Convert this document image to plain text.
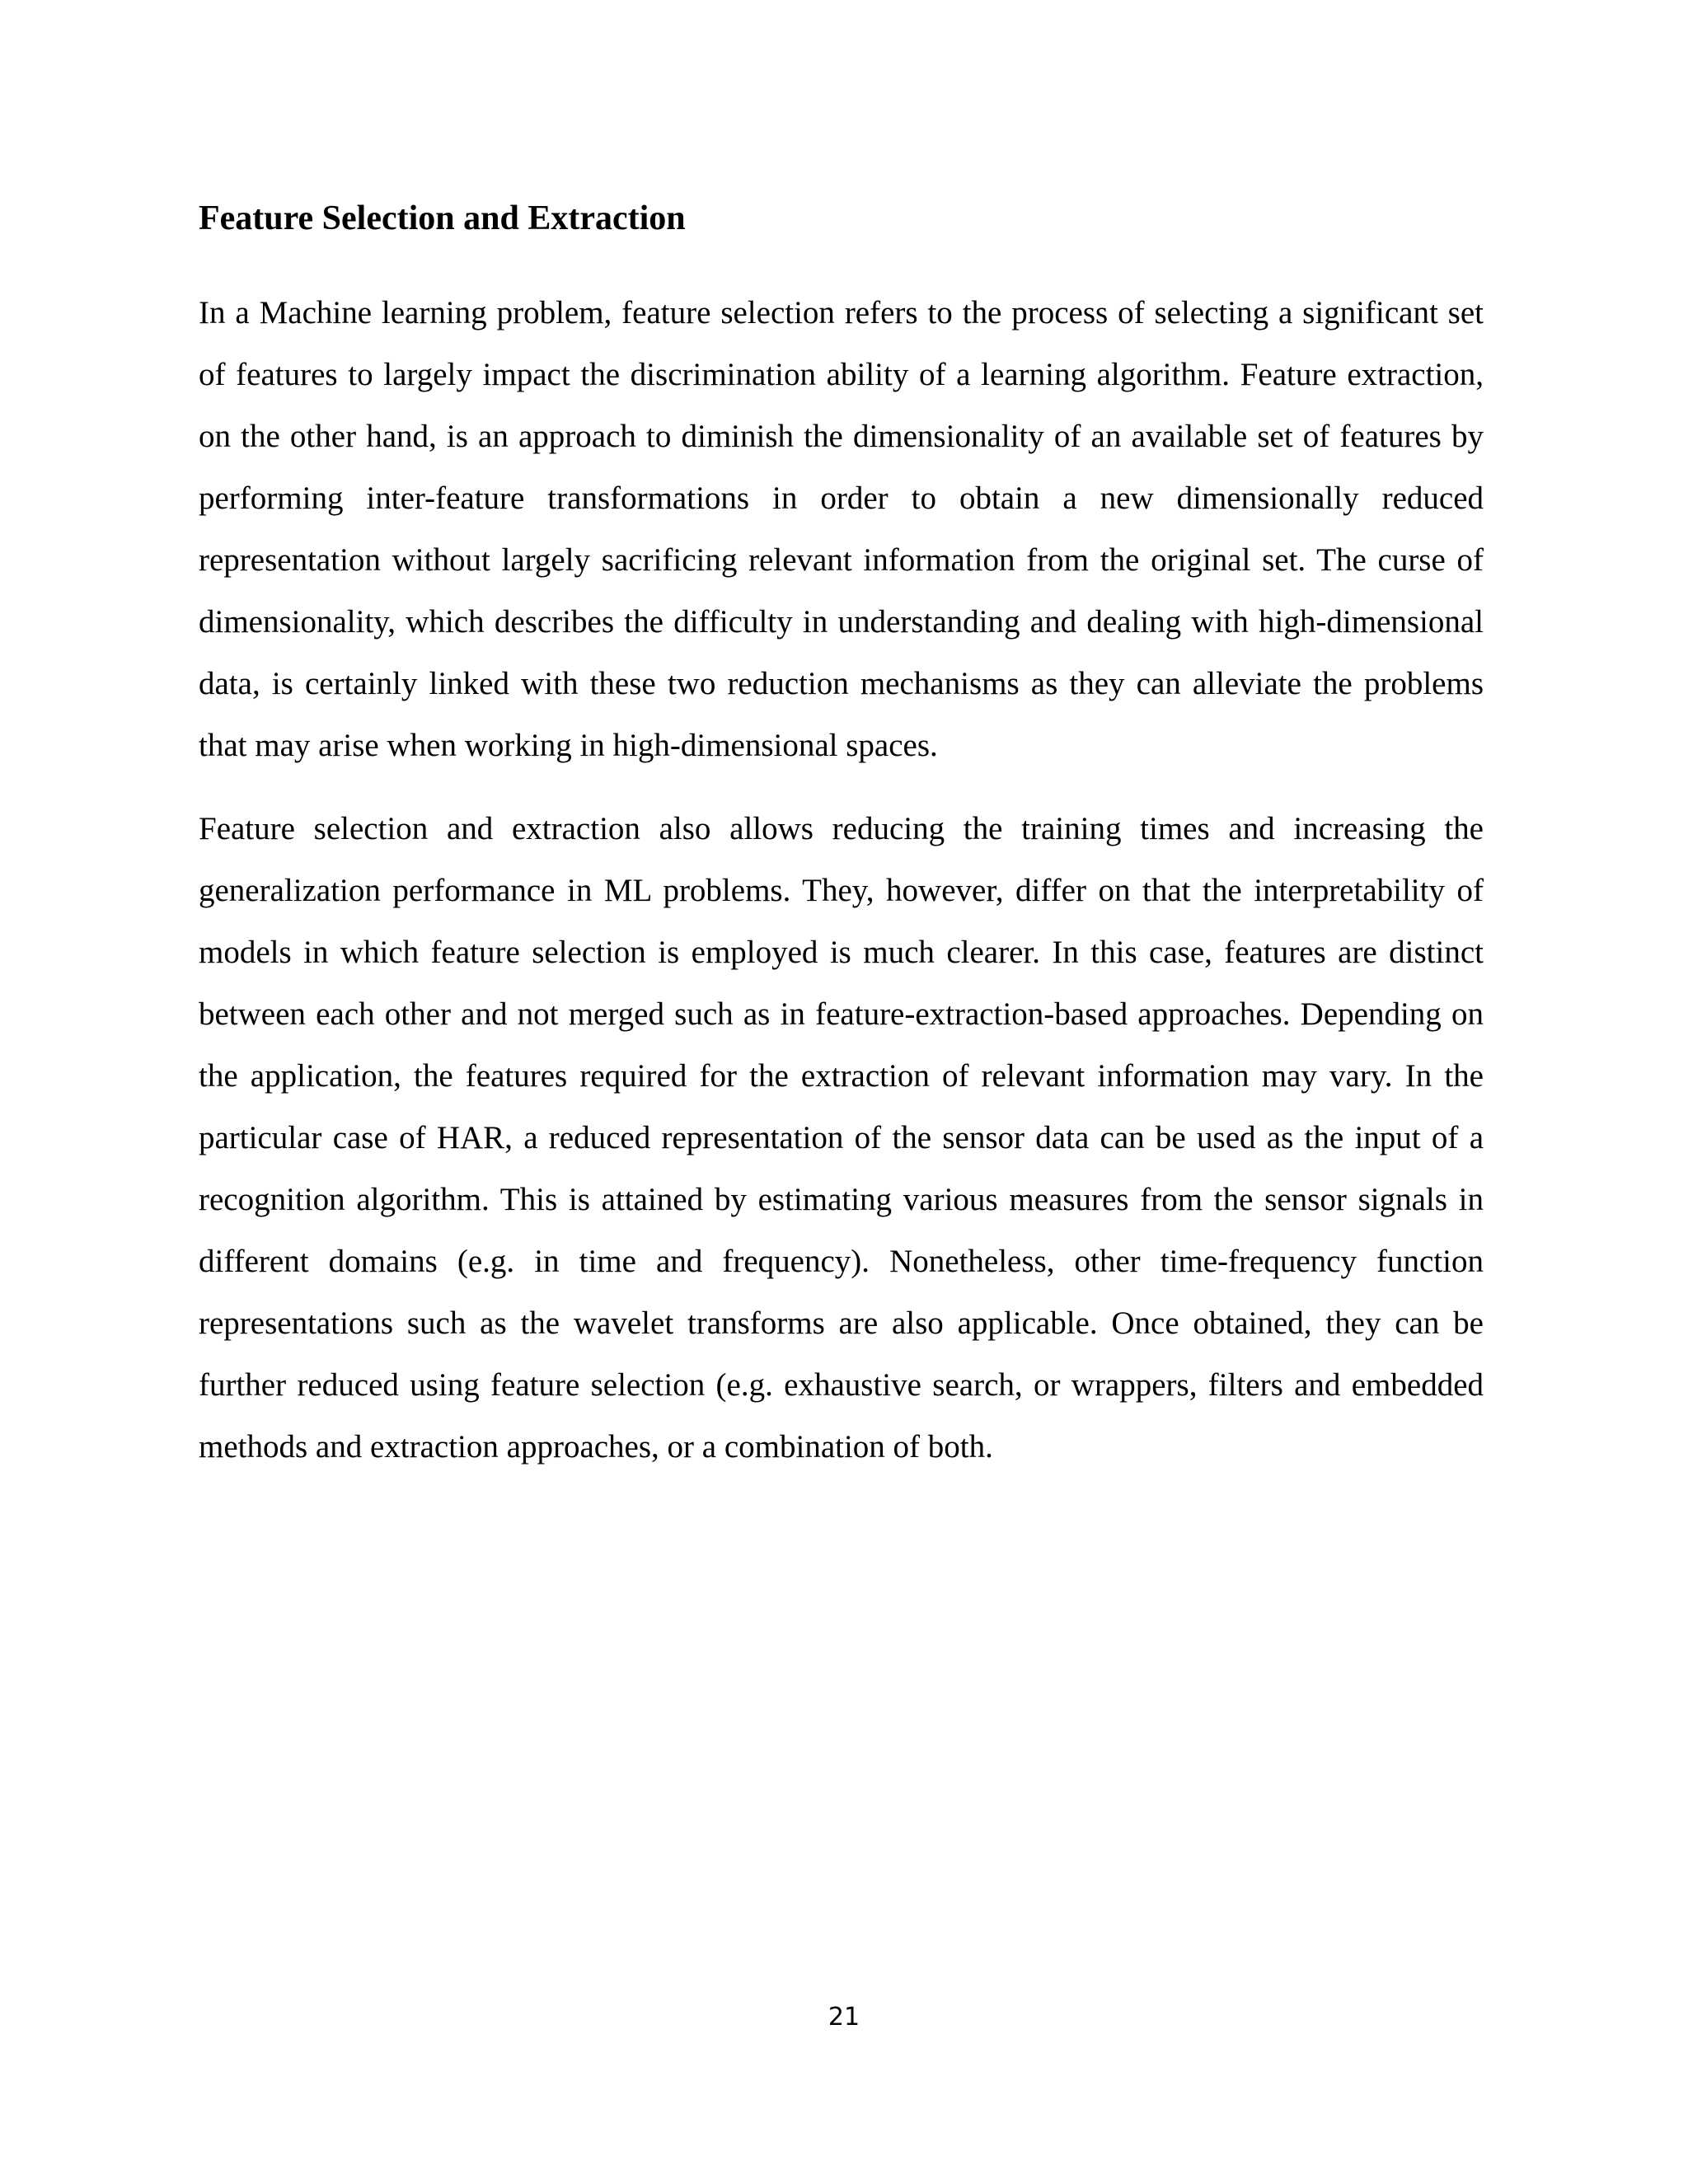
Feature Selection and Extraction

In a Machine learning problem, feature selection refers to the process of selecting a significant set of features to largely impact the discrimination ability of a learning algorithm. Feature extraction, on the other hand, is an approach to diminish the dimensionality of an available set of features by performing inter-feature transformations in order to obtain a new dimensionally reduced representation without largely sacrificing relevant information from the original set. The curse of dimensionality, which describes the difficulty in understanding and dealing with high-dimensional data, is certainly linked with these two reduction mechanisms as they can alleviate the problems that may arise when working in high-dimensional spaces.

Feature selection and extraction also allows reducing the training times and increasing the generalization performance in ML problems. They, however, differ on that the interpretability of models in which feature selection is employed is much clearer. In this case, features are distinct between each other and not merged such as in feature-extraction-based approaches. Depending on the application, the features required for the extraction of relevant information may vary. In the particular case of HAR, a reduced representation of the sensor data can be used as the input of a recognition algorithm. This is attained by estimating various measures from the sensor signals in different domains (e.g. in time and frequency). Nonetheless, other time-frequency function representations such as the wavelet transforms are also applicable. Once obtained, they can be further reduced using feature selection (e.g. exhaustive search, or wrappers, filters and embedded methods and extraction approaches, or a combination of both.

21
